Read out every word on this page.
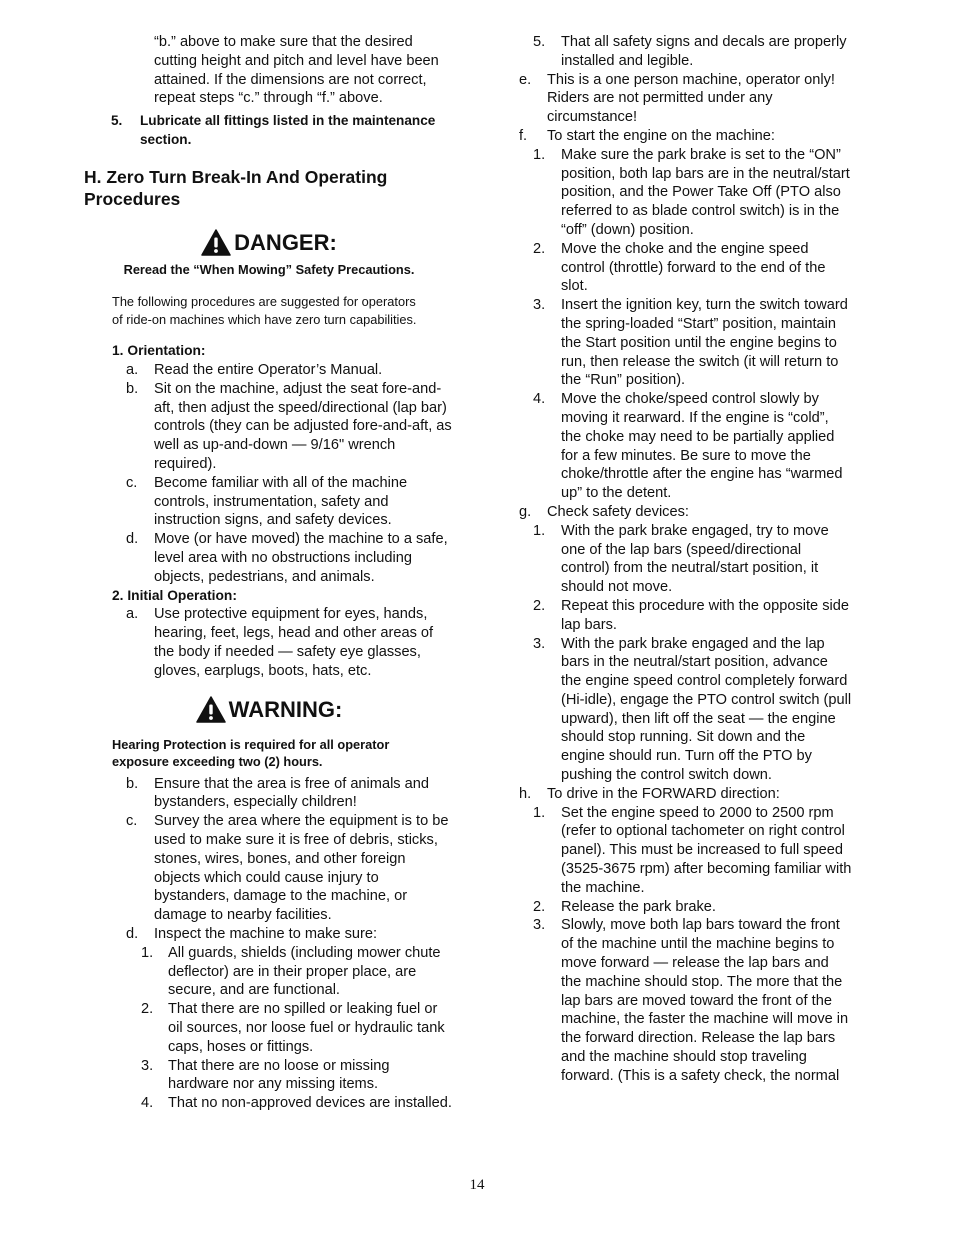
“b.” above to make sure that the desired cutting height and pitch and level have been attained. If the dimensions are not correct, repeat steps “c.” through “f.” above.
5.	Lubricate all fittings listed in the maintenance section.
H. Zero Turn Break-In And Operating Procedures
DANGER:
Reread the “When Mowing” Safety Precautions.
The following procedures are suggested for operators of ride-on machines which have zero turn capabilities.
1. Orientation:
a.	Read the entire Operator’s Manual.
b.	Sit on the machine, adjust the seat fore-and-aft, then adjust the speed/directional (lap bar) controls (they can be adjusted fore-and-aft, as well as up-and-down — 9/16" wrench required).
c.	Become familiar with all of the machine controls, instrumentation, safety and instruction signs, and safety devices.
d.	Move (or have moved) the machine to a safe, level area with no obstructions including objects, pedestrians, and animals.
2. Initial Operation:
a.	Use protective equipment for eyes, hands, hearing, feet, legs, head and other areas of the body if needed — safety eye glasses, gloves, earplugs, boots, hats, etc.
WARNING:
Hearing Protection is required for all operator exposure exceeding two (2) hours.
b.	Ensure that the area is free of animals and bystanders, especially children!
c.	Survey the area where the equipment is to be used to make sure it is free of debris, sticks, stones, wires, bones, and other foreign objects which could cause injury to bystanders, damage to the machine, or damage to nearby facilities.
d.	Inspect the machine to make sure:
1.	All guards, shields (including mower chute deflector) are in their proper place, are secure, and are functional.
2.	That there are no spilled or leaking fuel or oil sources, nor loose fuel or hydraulic tank caps, hoses or fittings.
3.	That there are no loose or missing hardware nor any missing items.
4.	That no non-approved devices are installed.
5.	That all safety signs and decals are properly installed and legible.
e.	This is a one person machine, operator only! Riders are not permitted under any circumstance!
f.	To start the engine on the machine:
1.	Make sure the park brake is set to the “ON” position, both lap bars are in the neutral/start position, and the Power Take Off (PTO also referred to as blade control switch) is in the “off” (down) position.
2.	Move the choke and the engine speed control (throttle) forward to the end of the slot.
3.	Insert the ignition key, turn the switch toward the spring-loaded “Start” position, maintain the Start position until the engine begins to run, then release the switch (it will return to the “Run” position).
4.	Move the choke/speed control slowly by moving it rearward. If the engine is “cold”, the choke may need to be partially applied for a few minutes. Be sure to move the choke/throttle after the engine has “warmed up” to the detent.
g.	Check safety devices:
1.	With the park brake engaged, try to move one of the lap bars (speed/directional control) from the neutral/start position, it should not move.
2.	Repeat this procedure with the opposite side lap bars.
3.	With the park brake engaged and the lap bars in the neutral/start position, advance the engine speed control completely forward (Hi-idle), engage the PTO control switch (pull upward), then lift off the seat — the engine should stop running. Sit down and the engine should run. Turn off the PTO by pushing the control switch down.
h.	To drive in the FORWARD direction:
1.	Set the engine speed to 2000 to 2500 rpm (refer to optional tachometer on right control panel). This must be increased to full speed (3525-3675 rpm) after becoming familiar with the machine.
2.	Release the park brake.
3.	Slowly, move both lap bars toward the front of the machine until the machine begins to move forward — release the lap bars and the machine should stop. The more that the lap bars are moved toward the front of the machine, the faster the machine will move in the forward direction. Release the lap bars and the machine should stop traveling forward. (This is a safety check, the normal
14
